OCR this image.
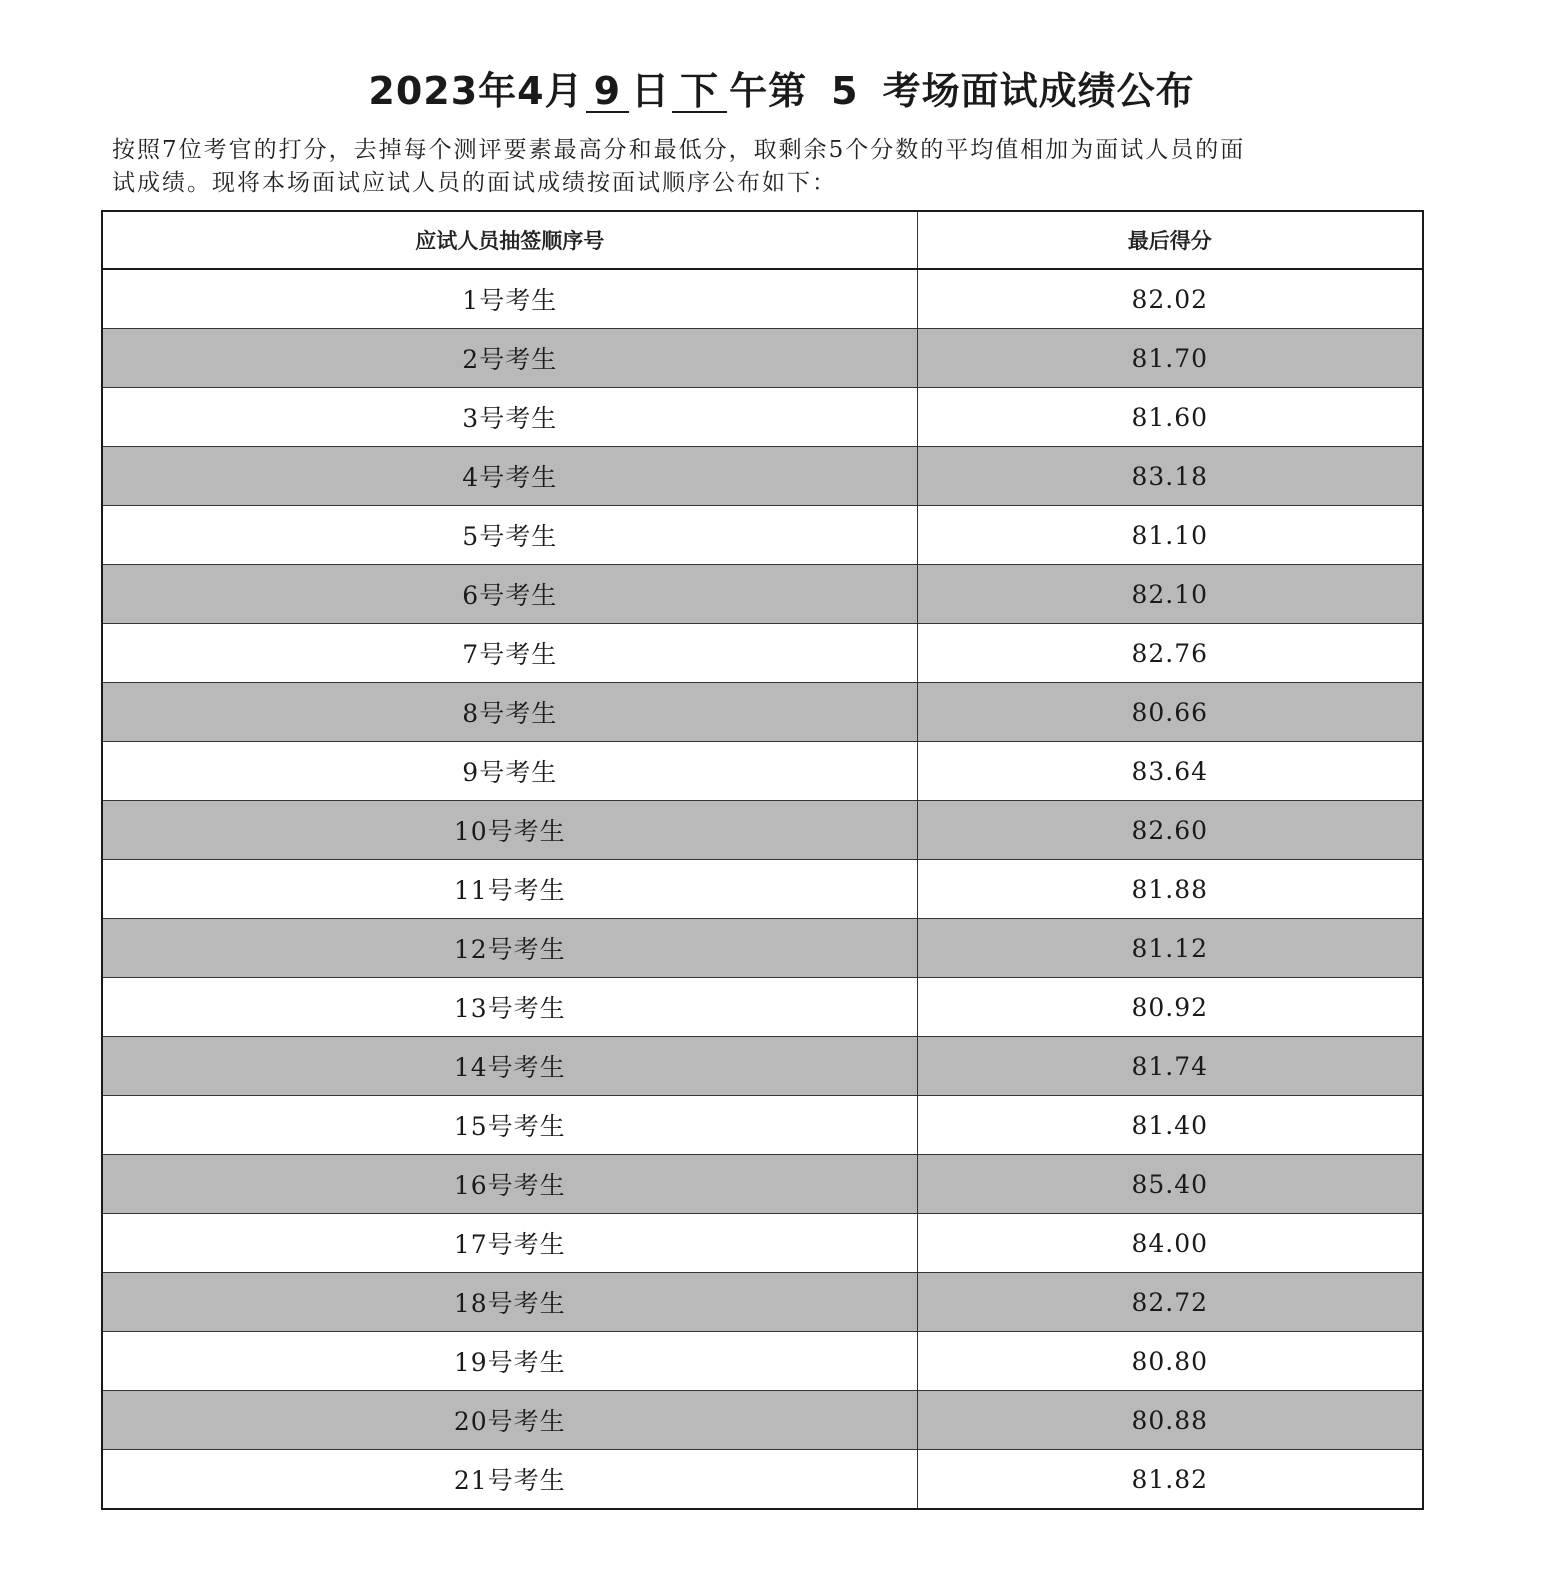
2023年4月 9 日 下 午第 5 考场面试成绩公布

按照7位考官的打分，去掉每个测评要素最高分和最低分，取剩余5个分数的平均值相加为面试人员的面

试成绩。现将本场面试应试人员的面试成绩按面试顺序公布如下：

应试人员抽签顺序号	最后得分
1号考生	82.02
2号考生	81.70
3号考生	81.60
4号考生	83.18
5号考生	81.10
6号考生	82.10
7号考生	82.76
8号考生	80.66
9号考生	83.64
10号考生	82.60
11号考生	81.88
12号考生	81.12
13号考生	80.92
14号考生	81.74
15号考生	81.40
16号考生	85.40
17号考生	84.00
18号考生	82.72
19号考生	80.80
20号考生	80.88
21号考生	81.82
